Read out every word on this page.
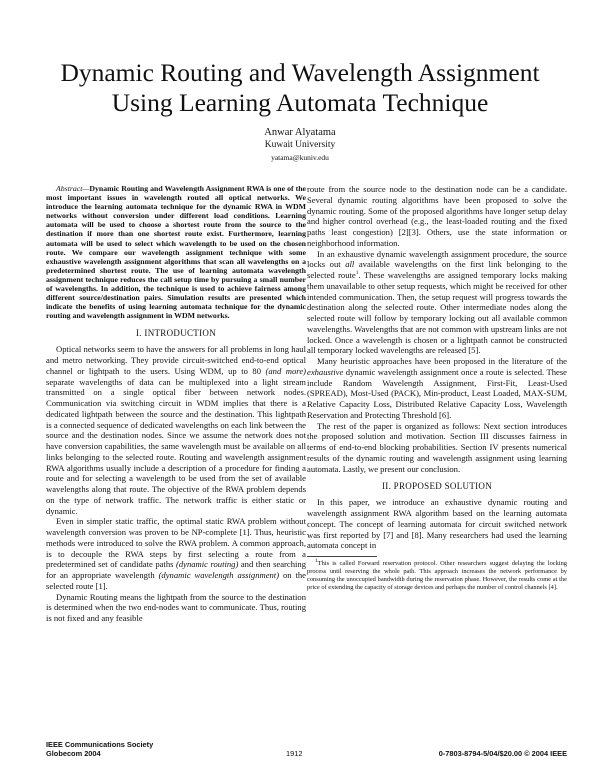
Dynamic Routing and Wavelength Assignment
Using Learning Automata Technique
Anwar Alyatama
Kuwait University
yatama@kuniv.edu

Abstract—Dynamic Routing and Wavelength Assignment RWA is one of the most important issues in wavelength routed all optical networks. We introduce the learning automata technique for the dynamic RWA in WDM networks without conversion under different load conditions. Learning automata will be used to choose a shortest route from the source to the destination if more than one shortest route exist. Furthermore, learning automata will be used to select which wavelength to be used on the chosen route. We compare our wavelength assignment technique with some exhaustive wavelength assignment algorithms that scan all wavelengths on a predetermined shortest route. The use of learning automata wavelength assignment technique reduces the call setup time by pursuing a small number of wavelengths. In addition, the technique is used to achieve fairness among different source/destination pairs. Simulation results are presented which indicate the benefits of using learning automata technique for the dynamic routing and wavelength assignment in WDM networks.

I. INTRODUCTION

Optical networks seem to have the answers for all problems in long haul and metro networking. They provide circuit-switched end-to-end optical channel or lightpath to the users. Using WDM, up to 80 (and more) separate wavelengths of data can be multiplexed into a light stream transmitted on a single optical fiber between network nodes. Communication via switching circuit in WDM implies that there is a dedicated lightpath between the source and the destination. This lightpath is a connected sequence of dedicated wavelengths on each link between the source and the destination nodes. Since we assume the network does not have conversion capabilities, the same wavelength must be available on all links belonging to the selected route. Routing and wavelength assignment RWA algorithms usually include a description of a procedure for finding a route and for selecting a wavelength to be used from the set of available wavelengths along that route. The objective of the RWA problem depends on the type of network traffic. The network traffic is either static or dynamic.

Even in simpler static traffic, the optimal static RWA problem without wavelength conversion was proven to be NP-complete [1]. Thus, heuristic methods were introduced to solve the RWA problem. A common approach, is to decouple the RWA steps by first selecting a route from a predetermined set of candidate paths (dynamic routing) and then searching for an appropriate wavelength (dynamic wavelength assignment) on the selected route [1].

Dynamic Routing means the lightpath from the source to the destination is determined when the two end-nodes want to communicate. Thus, routing is not fixed and any feasible

route from the source node to the destination node can be a candidate. Several dynamic routing algorithms have been proposed to solve the dynamic routing. Some of the proposed algorithms have longer setup delay and higher control overhead (e.g., the least-loaded routing and the fixed paths least congestion) [2][3]. Others, use the state information or neighborhood information.

In an exhaustive dynamic wavelength assignment procedure, the source locks out all available wavelengths on the first link belonging to the selected route$^1$. These wavelengths are assigned temporary locks making them unavailable to other setup requests, which might be received for other intended communication. Then, the setup request will progress towards the destination along the selected route. Other intermediate nodes along the selected route will follow by temporary locking out all available common wavelengths. Wavelengths that are not common with upstream links are not locked. Once a wavelength is chosen or a lightpath cannot be constructed all temporary locked wavelengths are released [5].

Many heuristic approaches have been proposed in the literature of the exhaustive dynamic wavelength assignment once a route is selected. These include Random Wavelength Assignment, First-Fit, Least-Used (SPREAD), Most-Used (PACK), Min-product, Least Loaded, MAX-SUM, Relative Capacity Loss, Distributed Relative Capacity Loss, Wavelength Reservation and Protecting Threshold [6].

The rest of the paper is organized as follows: Next section introduces the proposed solution and motivation. Section III discusses fairness in terms of end-to-end blocking probabilities. Section IV presents numerical results of the dynamic routing and wavelength assignment using learning automata. Lastly, we present our conclusion.

II. PROPOSED SOLUTION

In this paper, we introduce an exhaustive dynamic routing and wavelength assignment RWA algorithm based on the learning automata concept. The concept of learning automata for circuit switched network was first reported by [7] and [8]. Many researchers had used the learning automata concept in

$^1$This is called Forward reservation protocol. Other researchers suggest delaying the locking process until reserving the whole path. This approach increases the network performance by consuming the unoccupied bandwidth during the reservation phase. However, the results come at the price of extending the capacity of storage devices and perhaps the number of control channels [4].

IEEE Communications Society
Globecom 2004	1912	0-7803-8794-5/04/$20.00 © 2004 IEEE
